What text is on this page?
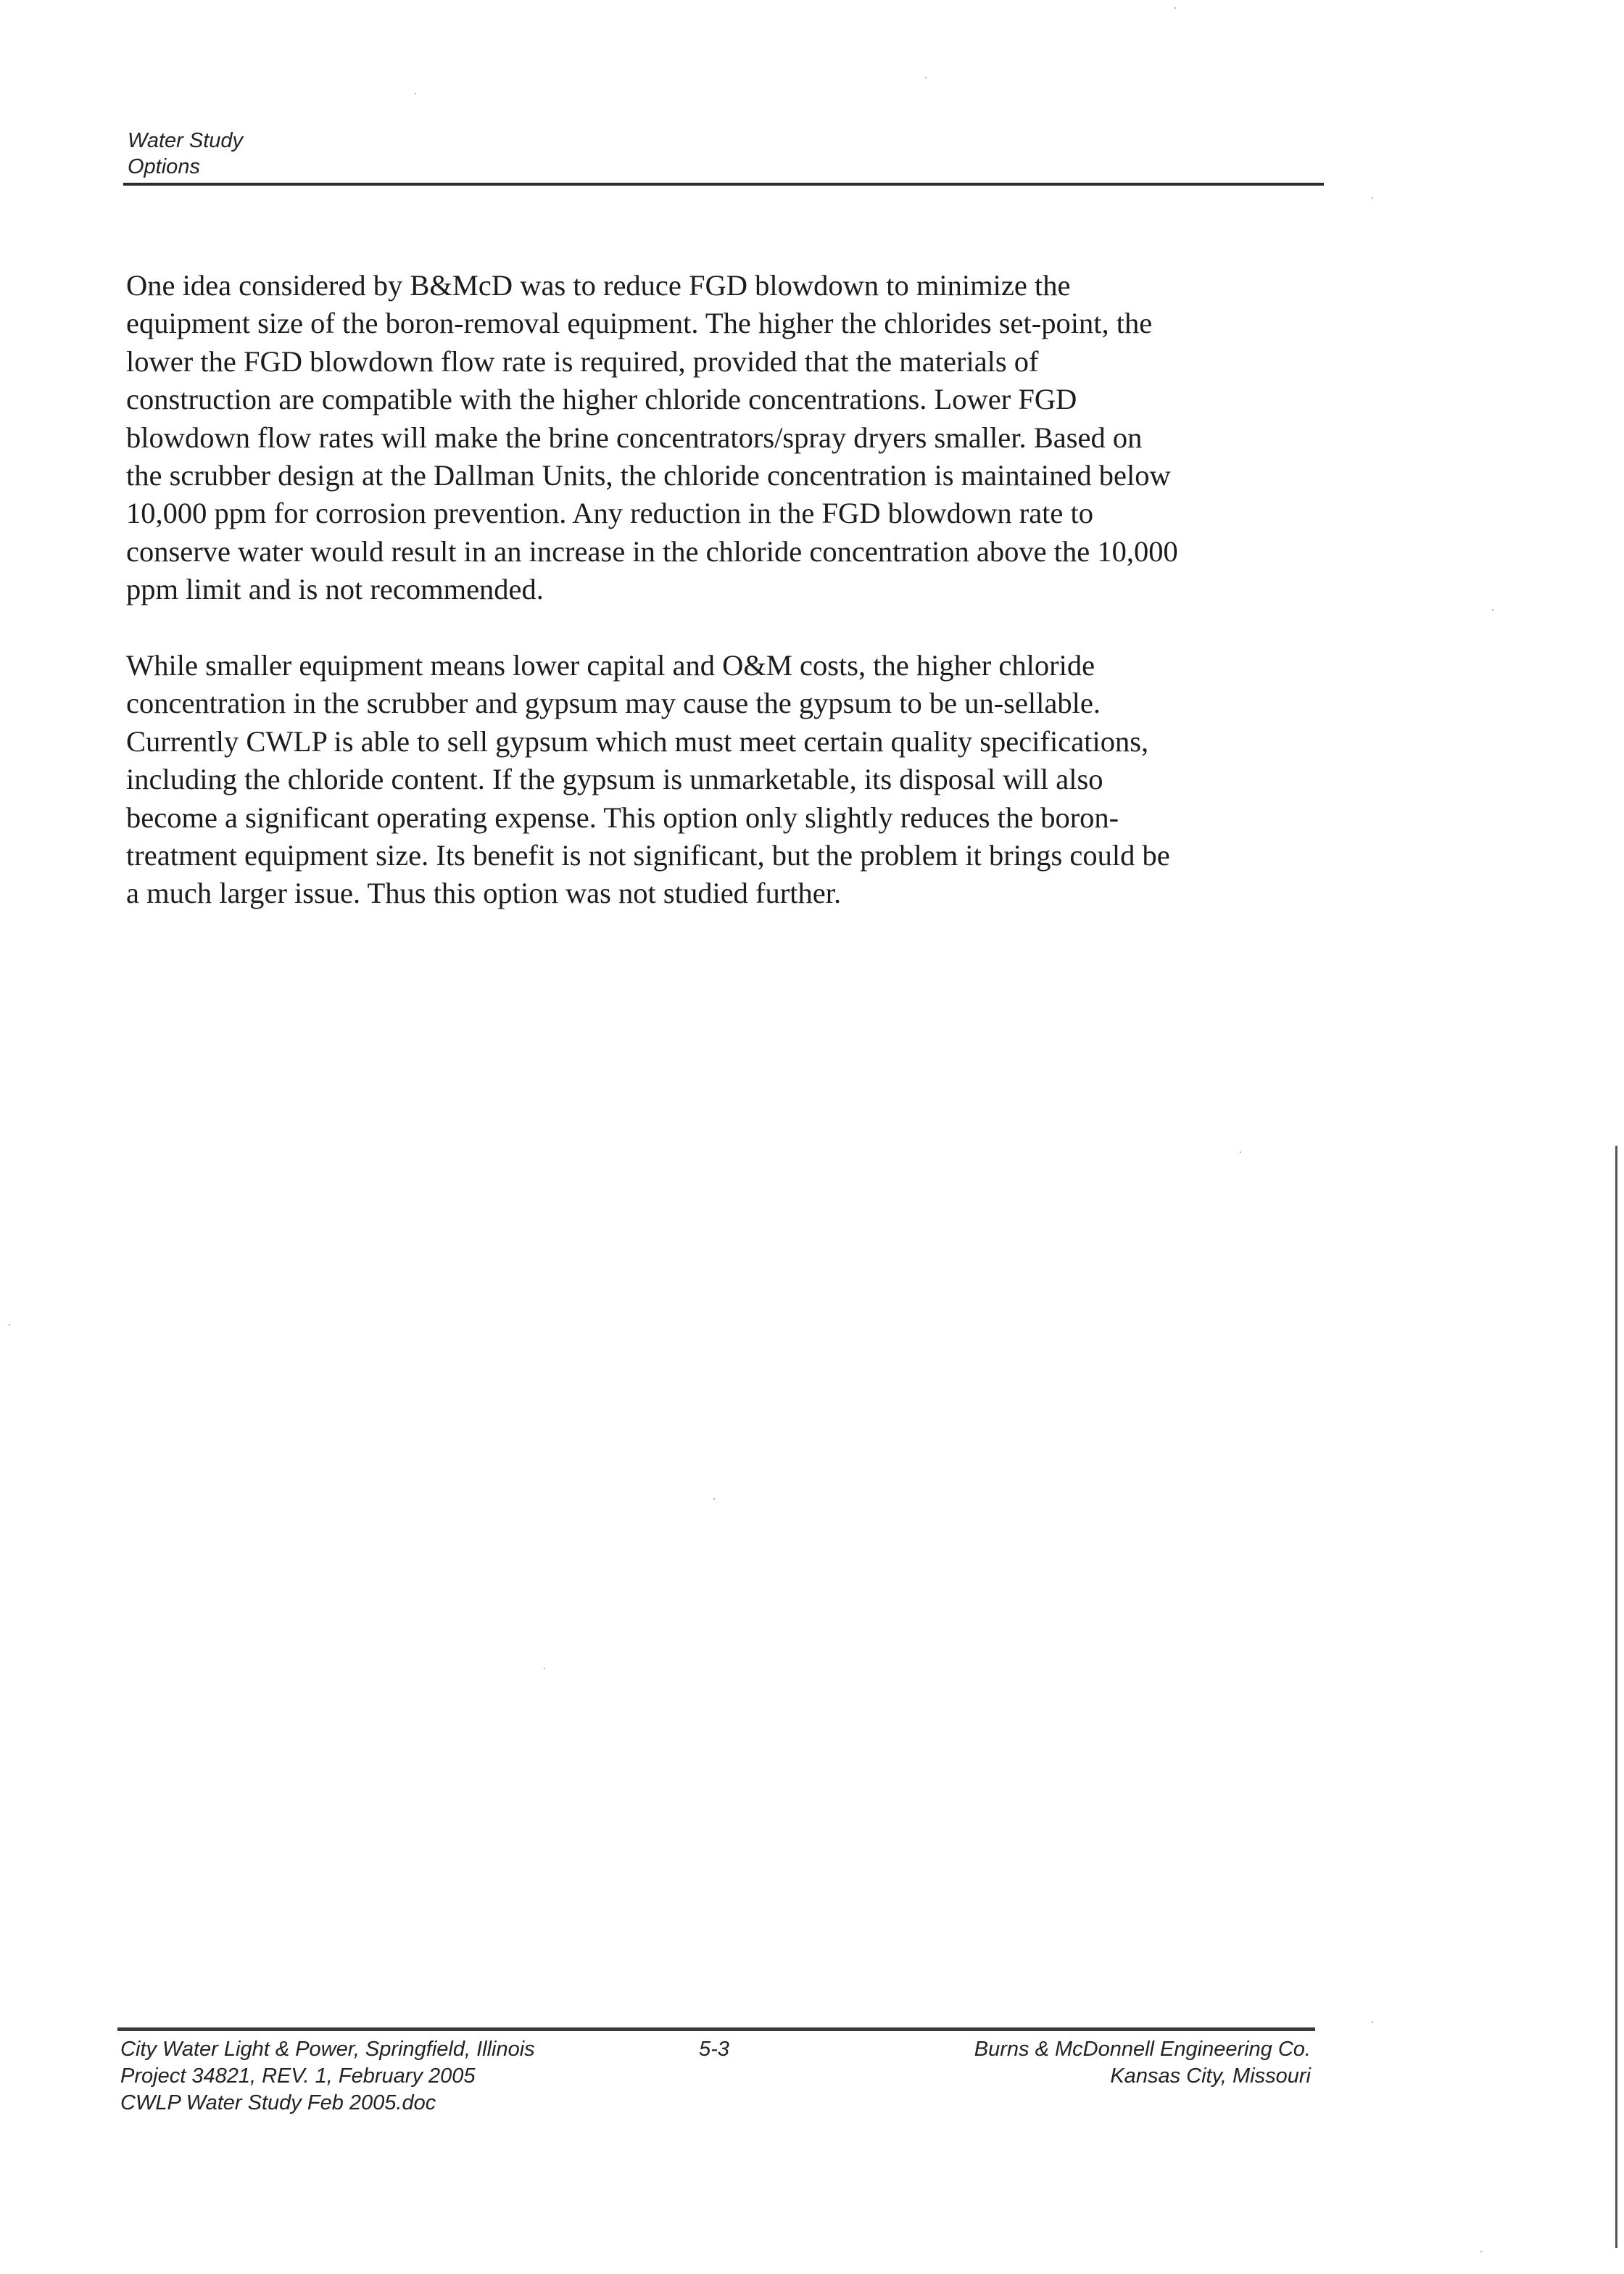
Water Study
Options
One idea considered by B&McD was to reduce FGD blowdown to minimize the
equipment size of the boron-removal equipment. The higher the chlorides set-point, the
lower the FGD blowdown flow rate is required, provided that the materials of
construction are compatible with the higher chloride concentrations. Lower FGD
blowdown flow rates will make the brine concentrators/spray dryers smaller. Based on
the scrubber design at the Dallman Units, the chloride concentration is maintained below
10,000 ppm for corrosion prevention. Any reduction in the FGD blowdown rate to
conserve water would result in an increase in the chloride concentration above the 10,000
ppm limit and is not recommended.
While smaller equipment means lower capital and O&M costs, the higher chloride
concentration in the scrubber and gypsum may cause the gypsum to be un-sellable.
Currently CWLP is able to sell gypsum which must meet certain quality specifications,
including the chloride content. If the gypsum is unmarketable, its disposal will also
become a significant operating expense. This option only slightly reduces the boron-
treatment equipment size. Its benefit is not significant, but the problem it brings could be
a much larger issue. Thus this option was not studied further.
City Water Light & Power, Springfield, Illinois
Project 34821, REV. 1, February 2005
CWLP Water Study Feb 2005.doc
5-3	Burns & McDonnell Engineering Co.
Kansas City, Missouri
